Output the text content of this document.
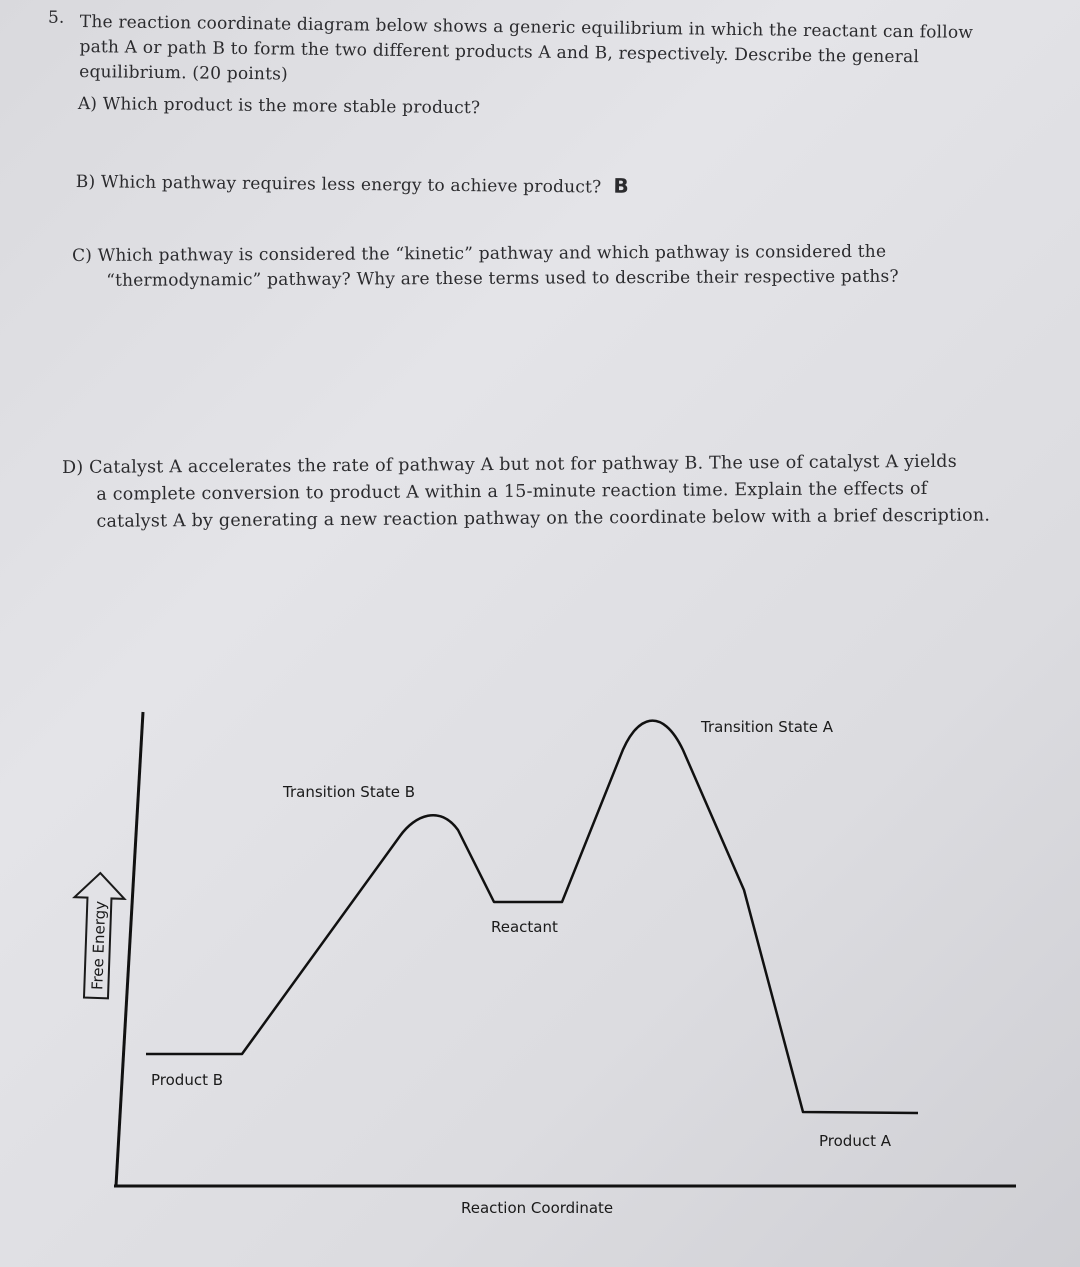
5. The reaction coordinate diagram below shows a generic equilibrium in which the reactant can follow path A or path B to form the two different products A and B, respectively. Describe the general equilibrium. (20 points)
A) Which product is the more stable product?
B) Which pathway requires less energy to achieve product? B
C) Which pathway is considered the “kinetic” pathway and which pathway is considered the

“thermodynamic” pathway? Why are these terms used to describe their respective paths?
D) Catalyst A accelerates the rate of pathway A but not for pathway B. The use of catalyst A yields

a complete conversion to product A within a 15-minute reaction time. Explain the effects of
catalyst A by generating a new reaction pathway on the coordinate below with a brief description.
Free Energy
Transition State A
Transition State B
Reactant
Product B
Product A
Reaction Coordinate
